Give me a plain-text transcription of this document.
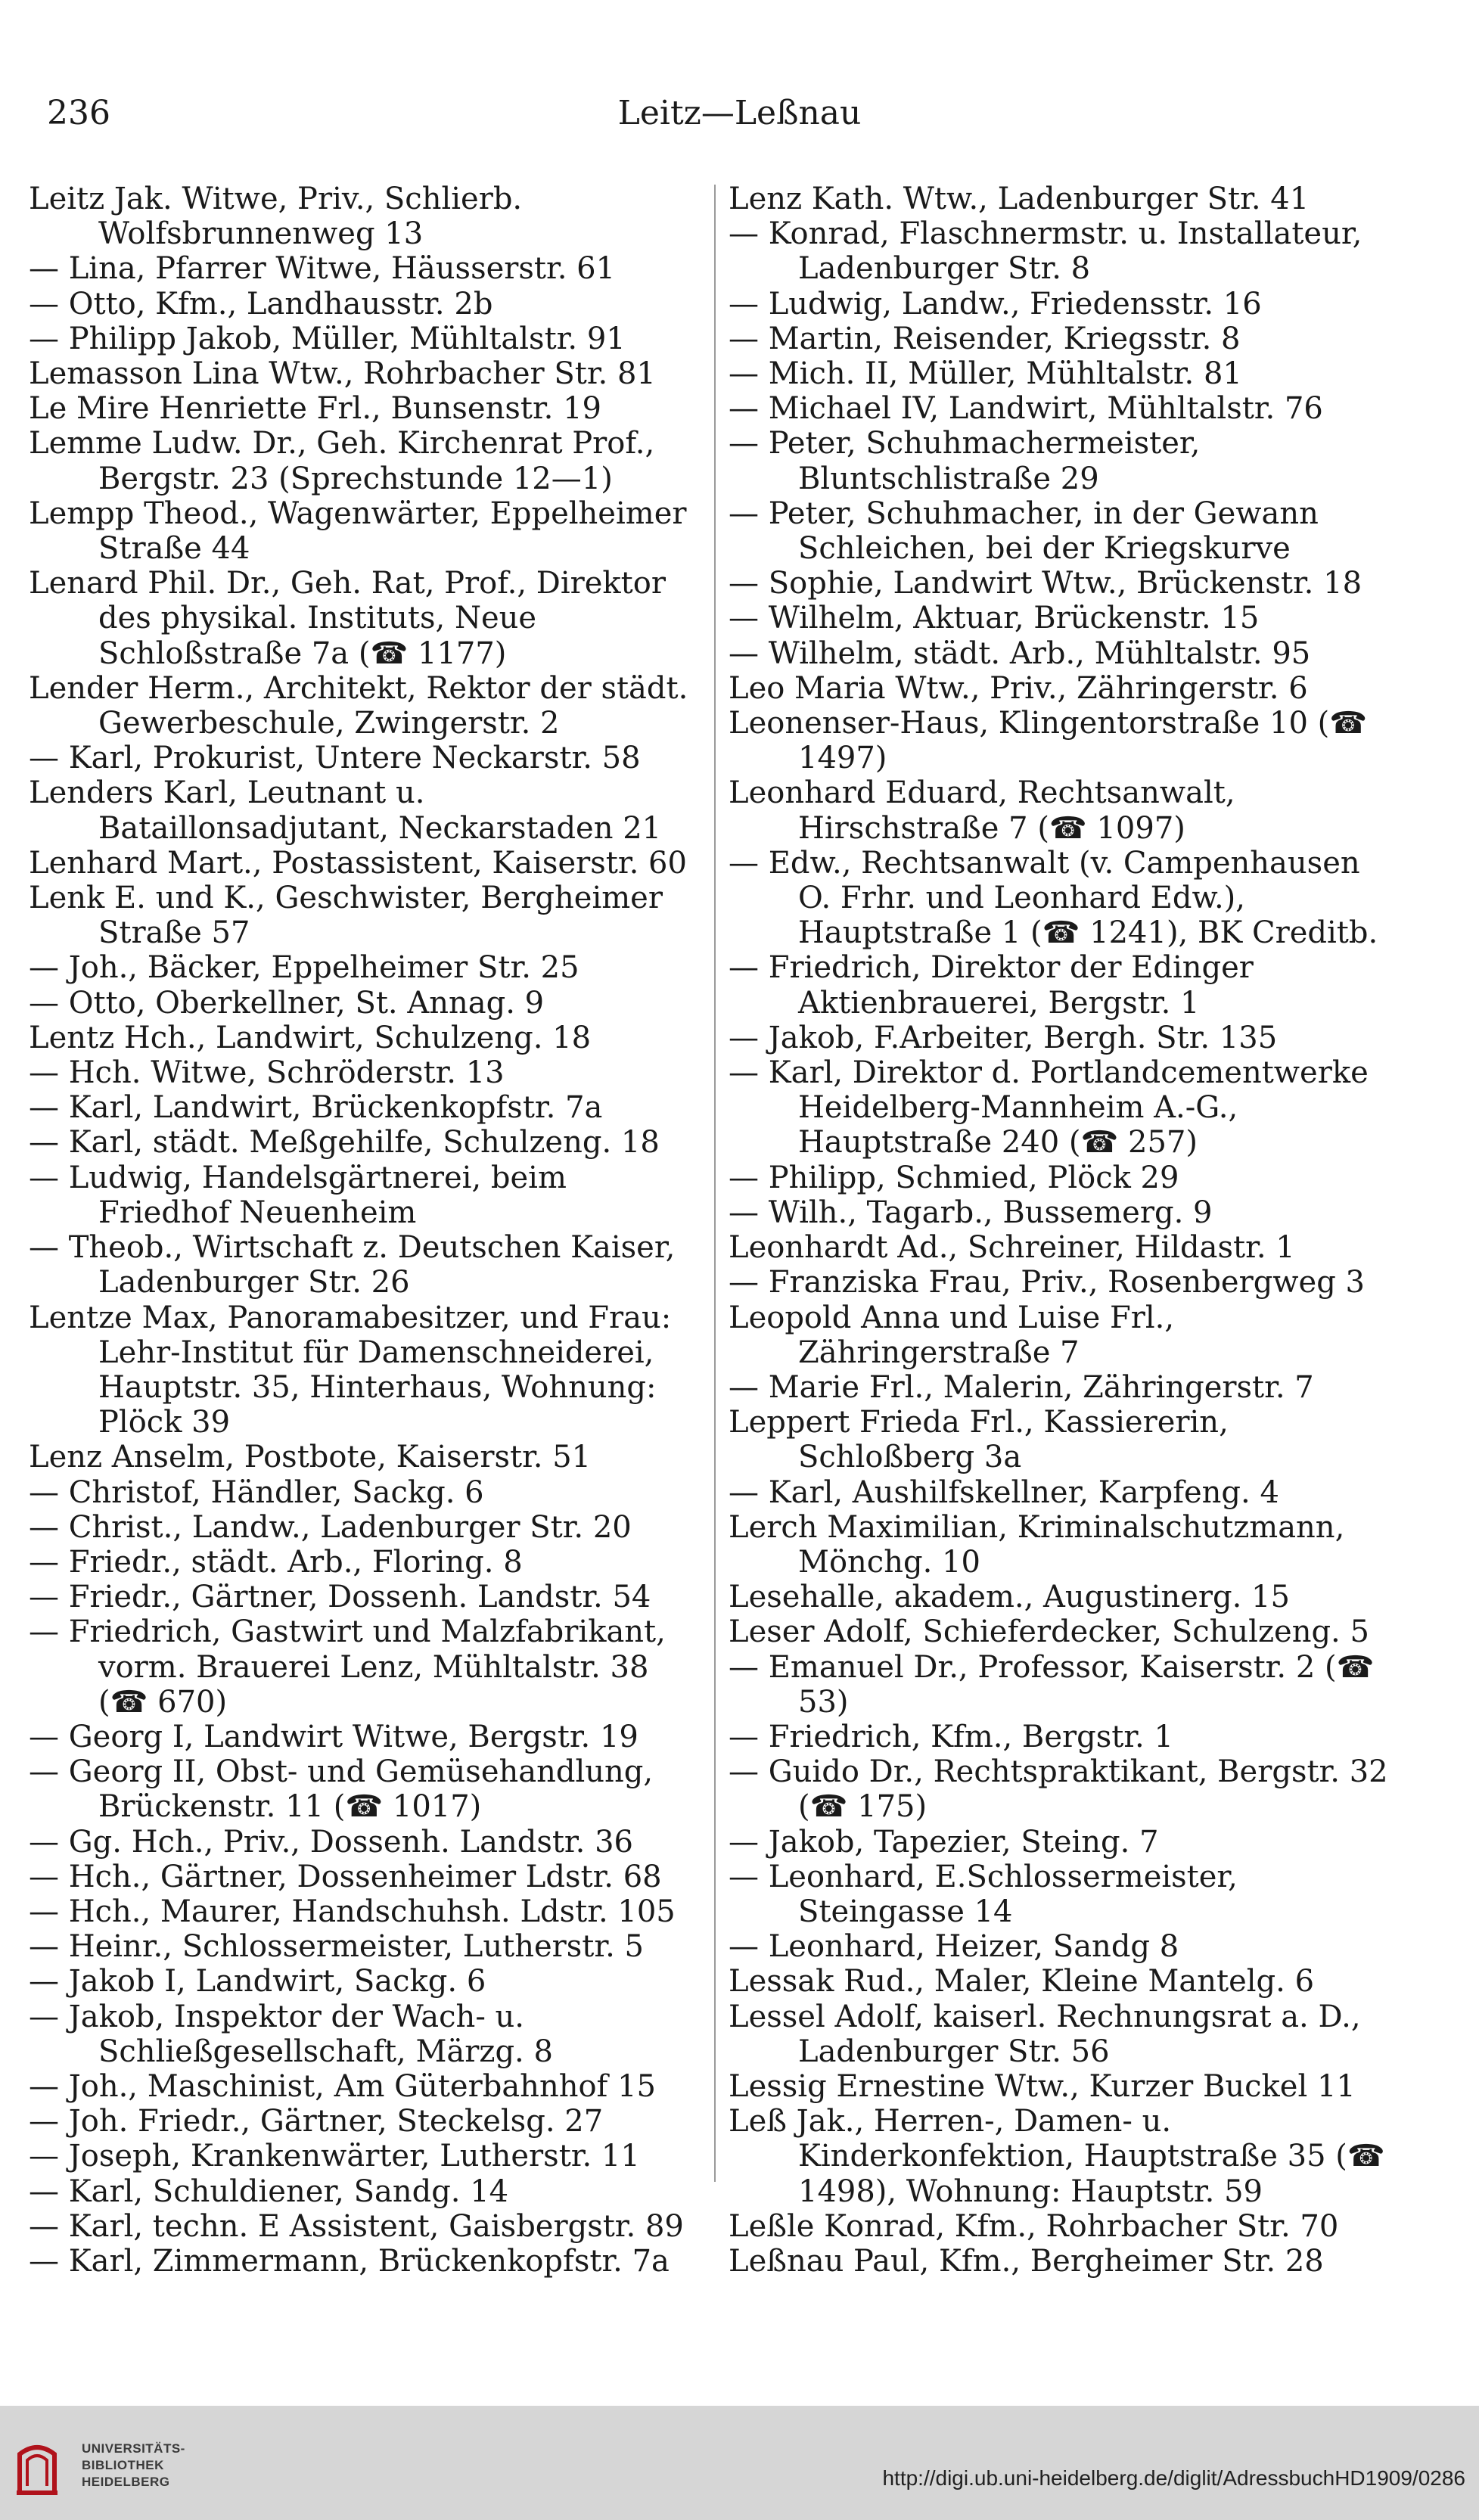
236	Leitz—Leßnau

Leitz Jak. Witwe, Priv., Schlierb. Wolfsbrunnenweg 13

— Lina, Pfarrer Witwe, Häusserstr. 61

— Otto, Kfm., Landhausstr. 2b

— Philipp Jakob, Müller, Mühltalstr. 91

Lemasson Lina Wtw., Rohrbacher Str. 81

Le Mire Henriette Frl., Bunsenstr. 19

Lemme Ludw. Dr., Geh. Kirchenrat Prof., Bergstr. 23 (Sprechstunde 12—1)

Lempp Theod., Wagenwärter, Eppelheimer Straße 44

Lenard Phil. Dr., Geh. Rat, Prof., Direktor des physikal. Instituts, Neue Schloßstraße 7a (☎ 1177)

Lender Herm., Architekt, Rektor der städt. Gewerbeschule, Zwingerstr. 2

— Karl, Prokurist, Untere Neckarstr. 58

Lenders Karl, Leutnant u. Bataillonsadjutant, Neckarstaden 21

Lenhard Mart., Postassistent, Kaiserstr. 60

Lenk E. und K., Geschwister, Bergheimer Straße 57

— Joh., Bäcker, Eppelheimer Str. 25

— Otto, Oberkellner, St. Annag. 9

Lentz Hch., Landwirt, Schulzeng. 18

— Hch. Witwe, Schröderstr. 13

— Karl, Landwirt, Brückenkopfstr. 7a

— Karl, städt. Meßgehilfe, Schulzeng. 18

— Ludwig, Handelsgärtnerei, beim Friedhof Neuenheim

— Theob., Wirtschaft z. Deutschen Kaiser, Ladenburger Str. 26

Lentze Max, Panoramabesitzer, und Frau: Lehr-Institut für Damenschneiderei, Hauptstr. 35, Hinterhaus, Wohnung: Plöck 39

Lenz Anselm, Postbote, Kaiserstr. 51

— Christof, Händler, Sackg. 6

— Christ., Landw., Ladenburger Str. 20

— Friedr., städt. Arb., Floring. 8

— Friedr., Gärtner, Dossenh. Landstr. 54

— Friedrich, Gastwirt und Malzfabrikant, vorm. Brauerei Lenz, Mühltalstr. 38 (☎ 670)

— Georg I, Landwirt Witwe, Bergstr. 19

— Georg II, Obst- und Gemüsehandlung, Brückenstr. 11 (☎ 1017)

— Gg. Hch., Priv., Dossenh. Landstr. 36

— Hch., Gärtner, Dossenheimer Ldstr. 68

— Hch., Maurer, Handschuhsh. Ldstr. 105

— Heinr., Schlossermeister, Lutherstr. 5

— Jakob I, Landwirt, Sackg. 6

— Jakob, Inspektor der Wach- u. Schließgesellschaft, Märzg. 8

— Joh., Maschinist, Am Güterbahnhof 15

— Joh. Friedr., Gärtner, Steckelsg. 27

— Joseph, Krankenwärter, Lutherstr. 11

— Karl, Schuldiener, Sandg. 14

— Karl, techn. E Assistent, Gaisbergstr. 89

— Karl, Zimmermann, Brückenkopfstr. 7a

Lenz Kath. Wtw., Ladenburger Str. 41

— Konrad, Flaschnermstr. u. Installateur, Ladenburger Str. 8

— Ludwig, Landw., Friedensstr. 16

— Martin, Reisender, Kriegsstr. 8

— Mich. II, Müller, Mühltalstr. 81

— Michael IV, Landwirt, Mühltalstr. 76

— Peter, Schuhmachermeister, Bluntschlistraße 29

— Peter, Schuhmacher, in der Gewann Schleichen, bei der Kriegskurve

— Sophie, Landwirt Wtw., Brückenstr. 18

— Wilhelm, Aktuar, Brückenstr. 15

— Wilhelm, städt. Arb., Mühltalstr. 95

Leo Maria Wtw., Priv., Zähringerstr. 6

Leonenser-Haus, Klingentorstraße 10 (☎ 1497)

Leonhard Eduard, Rechtsanwalt, Hirschstraße 7 (☎ 1097)

— Edw., Rechtsanwalt (v. Campenhausen O. Frhr. und Leonhard Edw.), Hauptstraße 1 (☎ 1241), BK Creditb.

— Friedrich, Direktor der Edinger Aktienbrauerei, Bergstr. 1

— Jakob, F.Arbeiter, Bergh. Str. 135

— Karl, Direktor d. Portlandcementwerke Heidelberg-Mannheim A.-G., Hauptstraße 240 (☎ 257)

— Philipp, Schmied, Plöck 29

— Wilh., Tagarb., Bussemerg. 9

Leonhardt Ad., Schreiner, Hildastr. 1

— Franziska Frau, Priv., Rosenbergweg 3

Leopold Anna und Luise Frl., Zähringerstraße 7

— Marie Frl., Malerin, Zähringerstr. 7

Leppert Frieda Frl., Kassiererin, Schloßberg 3a

— Karl, Aushilfskellner, Karpfeng. 4

Lerch Maximilian, Kriminalschutzmann, Mönchg. 10

Lesehalle, akadem., Augustinerg. 15

Leser Adolf, Schieferdecker, Schulzeng. 5

— Emanuel Dr., Professor, Kaiserstr. 2 (☎ 53)

— Friedrich, Kfm., Bergstr. 1

— Guido Dr., Rechtspraktikant, Bergstr. 32 (☎ 175)

— Jakob, Tapezier, Steing. 7

— Leonhard, E.Schlossermeister, Steingasse 14

— Leonhard, Heizer, Sandg 8

Lessak Rud., Maler, Kleine Mantelg. 6

Lessel Adolf, kaiserl. Rechnungsrat a. D., Ladenburger Str. 56

Lessig Ernestine Wtw., Kurzer Buckel 11

Leß Jak., Herren-, Damen- u. Kinderkonfektion, Hauptstraße 35 (☎ 1498), Wohnung: Hauptstr. 59

Leßle Konrad, Kfm., Rohrbacher Str. 70

Leßnau Paul, Kfm., Bergheimer Str. 28

UNIVERSITÄTS-
BIBLIOTHEK
HEIDELBERG	http://digi.ub.uni-heidelberg.de/diglit/AdressbuchHD1909/0286
